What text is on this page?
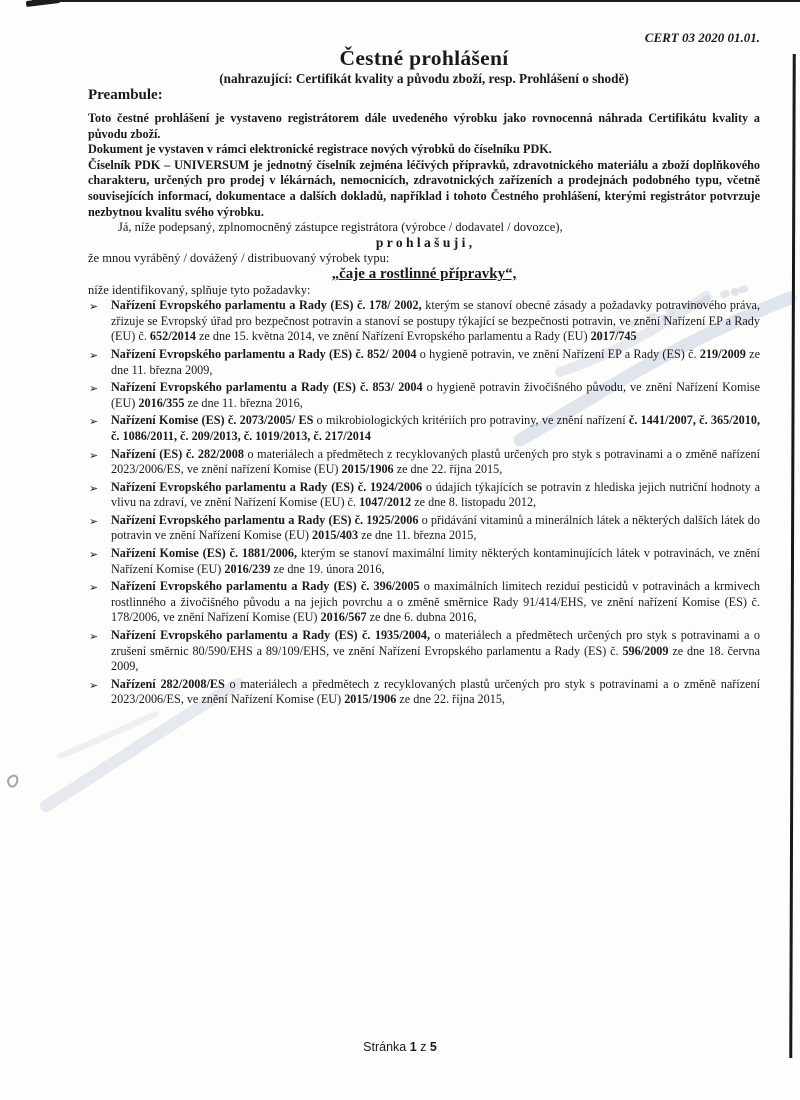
CERT 03 2020 01.01.
Čestné prohlášení
(nahrazující: Certifikát kvality a původu zboží, resp. Prohlášení o shodě)
Preambule:

Toto čestné prohlášení je vystaveno registrátorem dále uvedeného výrobku jako rovnocenná náhrada Certifikátu kvality a původu zboží.

Dokument je vystaven v rámci elektronické registrace nových výrobků do číselníku PDK.

Číselník PDK – UNIVERSUM je jednotný číselník zejména léčivých přípravků, zdravotnického materiálu a zboží doplňkového charakteru, určených pro prodej v lékárnách, nemocnicích, zdravotnických zařízeních a prodejnách podobného typu, včetně souvisejících informací, dokumentace a dalších dokladů, například i tohoto Čestného prohlášení, kterými registrátor potvrzuje nezbytnou kvalitu svého výrobku.

Já, níže podepsaný, zplnomocněný zástupce registrátora (výrobce / dodavatel / dovozce),

p r o h l a š u j i ,

že mnou vyráběný / dovážený / distribuovaný výrobek typu:

„čaje a rostlinné přípravky“,

níže identifikovaný, splňuje tyto požadavky:

➢ Nařízení Evropského parlamentu a Rady (ES) č. 178/ 2002, kterým se stanoví obecné zásady a požadavky potravinového práva, zřizuje se Evropský úřad pro bezpečnost potravin a stanoví se postupy týkající se bezpečnosti potravin, ve znění Nařízení EP a Rady (EU) č. 652/2014 ze dne 15. května 2014, ve znění Nařízení Evropského parlamentu a Rady (EU) 2017/745
➢ Nařízení Evropského parlamentu a Rady (ES) č. 852/ 2004 o hygieně potravin, ve znění Nařízení EP a Rady (ES) č. 219/2009 ze dne 11. března 2009,
➢ Nařízení Evropského parlamentu a Rady (ES) č. 853/ 2004 o hygieně potravin živočišného původu, ve znění Nařízení Komise (EU) 2016/355 ze dne 11. března 2016,
➢ Nařízení Komise (ES) č. 2073/2005/ ES o mikrobiologických kritériích pro potraviny, ve znění nařízení č. 1441/2007, č. 365/2010, č. 1086/2011, č. 209/2013, č. 1019/2013, č. 217/2014
➢ Nařízení (ES) č. 282/2008 o materiálech a předmětech z recyklovaných plastů určených pro styk s potravinami a o změně nařízení 2023/2006/ES, ve znění nařízení Komise (EU) 2015/1906 ze dne 22. října 2015,
➢ Nařízení Evropského parlamentu a Rady (ES) č. 1924/2006 o údajích týkajících se potravin z hlediska jejich nutriční hodnoty a vlivu na zdraví, ve znění Nařízení Komise (EU) č. 1047/2012 ze dne 8. listopadu 2012,
➢ Nařízení Evropského parlamentu a Rady (ES) č. 1925/2006 o přidávání vitaminů a minerálních látek a některých dalších látek do potravin ve znění Nařízení Komise (EU) 2015/403 ze dne 11. března 2015,
➢ Nařízení Komise (ES) č. 1881/2006, kterým se stanoví maximální limity některých kontaminujících látek v potravinách, ve znění Nařízení Komise (EU) 2016/239 ze dne 19. února 2016,
➢ Nařízení Evropského parlamentu a Rady (ES) č. 396/2005 o maximálních limitech reziduí pesticidů v potravinách a krmivech rostlinného a živočišného původu a na jejich povrchu a o změně směrnice Rady 91/414/EHS, ve znění nařízení Komise (ES) č. 178/2006, ve znění Nařízení Komise (EU) 2016/567 ze dne 6. dubna 2016,
➢ Nařízení Evropského parlamentu a Rady (ES) č. 1935/2004, o materiálech a předmětech určených pro styk s potravinami a o zrušení směrnic 80/590/EHS a 89/109/EHS, ve znění Nařízení Evropského parlamentu a Rady (ES) č. 596/2009 ze dne 18. června 2009,
➢ Nařízení 282/2008/ES o materiálech a předmětech z recyklovaných plastů určených pro styk s potravinami a o změně nařízení 2023/2006/ES, ve znění Nařízení Komise (EU) 2015/1906 ze dne 22. října 2015,
Stránka 1 z 5
